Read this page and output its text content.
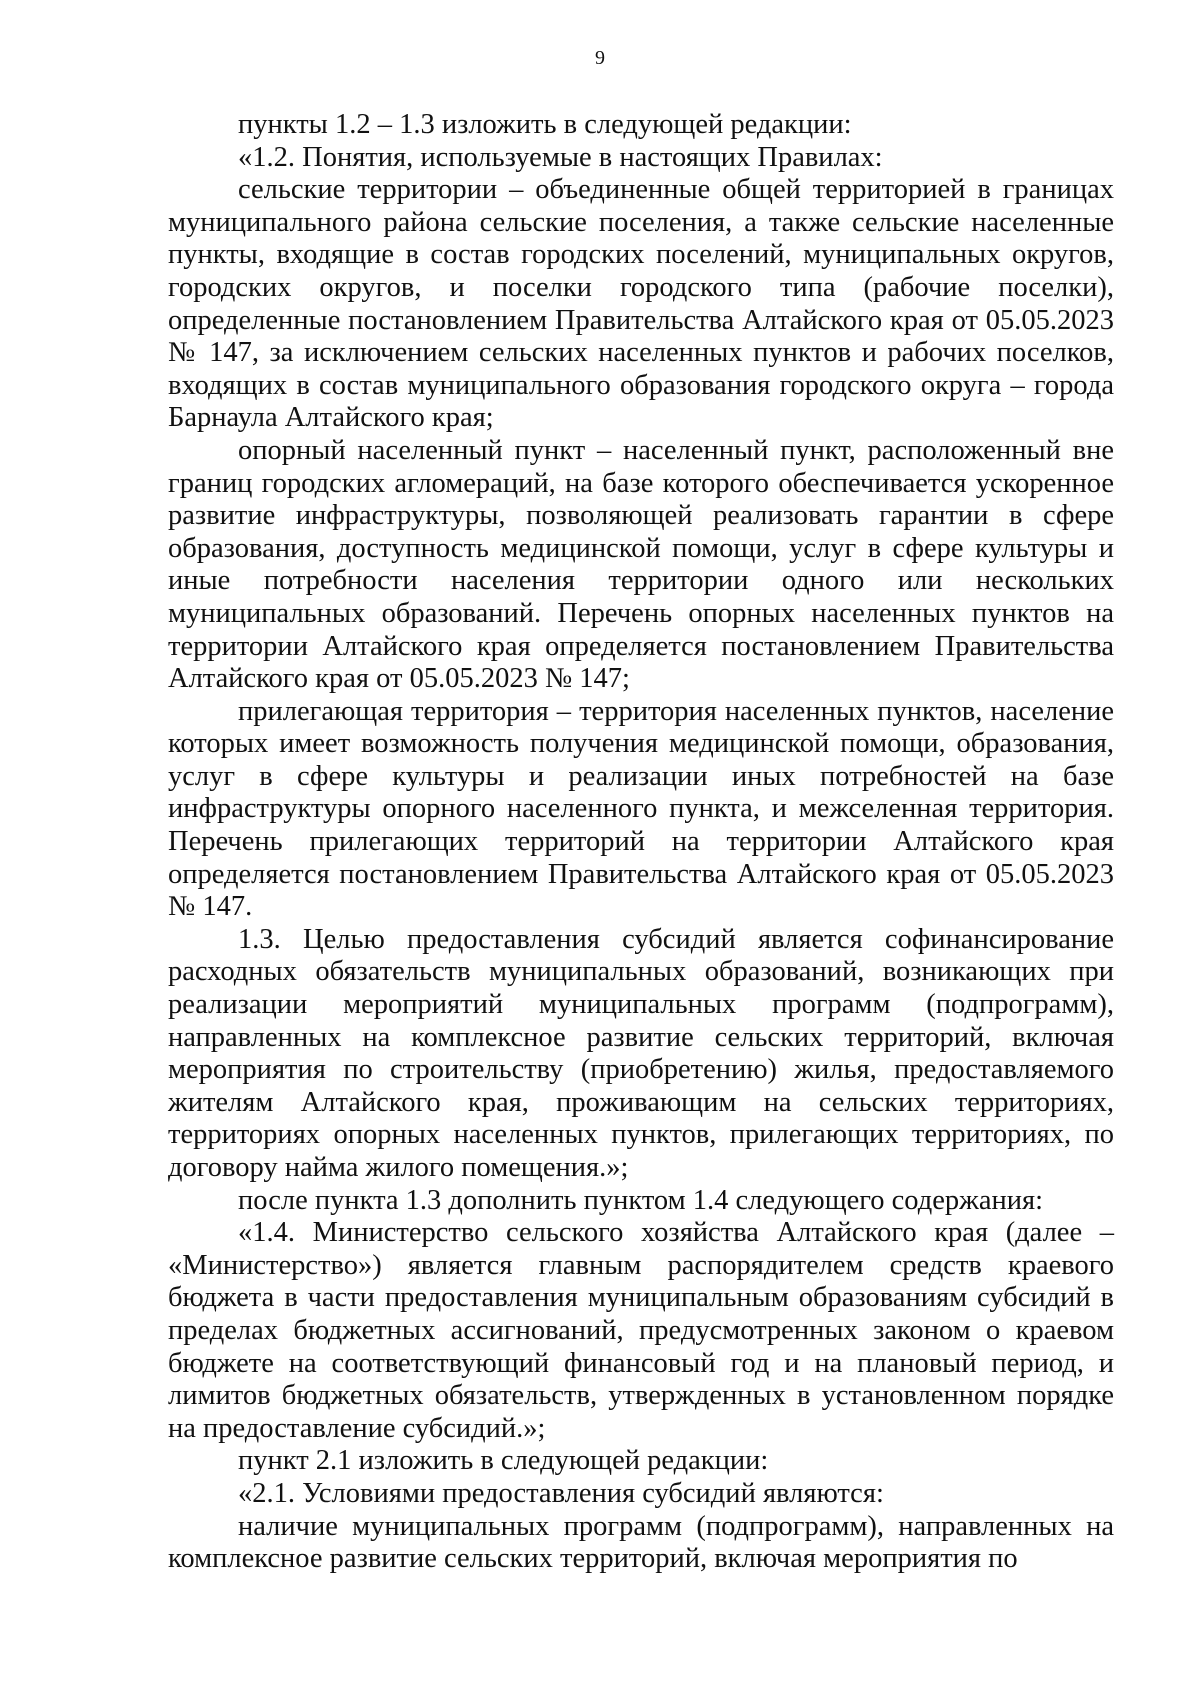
9

пункты 1.2 – 1.3 изложить в следующей редакции:

«1.2. Понятия, используемые в настоящих Правилах:

сельские территории – объединенные общей территорией в границах муниципального района сельские поселения, а также сельские населенные пункты, входящие в состав городских поселений, муниципальных округов, городских округов, и поселки городского типа (рабочие поселки), определенные постановлением Правительства Алтайского края от 05.05.2023 № 147, за исключением сельских населенных пунктов и рабочих поселков, входящих в состав муниципального образования городского округа – города Барнаула Алтайского края;

опорный населенный пункт – населенный пункт, расположенный вне границ городских агломераций, на базе которого обеспечивается ускоренное развитие инфраструктуры, позволяющей реализовать гарантии в сфере образования, доступность медицинской помощи, услуг в сфере культуры и иные потребности населения территории одного или нескольких муниципальных образований. Перечень опорных населенных пунктов на территории Алтайского края определяется постановлением Правительства Алтайского края от 05.05.2023 № 147;

прилегающая территория – территория населенных пунктов, население которых имеет возможность получения медицинской помощи, образования, услуг в сфере культуры и реализации иных потребностей на базе инфраструктуры опорного населенного пункта, и межселенная территория. Перечень прилегающих территорий на территории Алтайского края определяется постановлением Правительства Алтайского края от 05.05.2023 № 147.

1.3. Целью предоставления субсидий является софинансирование расходных обязательств муниципальных образований, возникающих при реализации мероприятий муниципальных программ (подпрограмм), направленных на комплексное развитие сельских территорий, включая мероприятия по строительству (приобретению) жилья, предоставляемого жителям Алтайского края, проживающим на сельских территориях, территориях опорных населенных пунктов, прилегающих территориях, по договору найма жилого помещения.»;

после пункта 1.3 дополнить пунктом 1.4 следующего содержания:

«1.4. Министерство сельского хозяйства Алтайского края (далее – «Министерство») является главным распорядителем средств краевого бюджета в части предоставления муниципальным образованиям субсидий в пределах бюджетных ассигнований, предусмотренных законом о краевом бюджете на соответствующий финансовый год и на плановый период, и лимитов бюджетных обязательств, утвержденных в установленном порядке на предоставление субсидий.»;

пункт 2.1 изложить в следующей редакции:

«2.1. Условиями предоставления субсидий являются:

наличие муниципальных программ (подпрограмм), направленных на комплексное развитие сельских территорий, включая мероприятия по
